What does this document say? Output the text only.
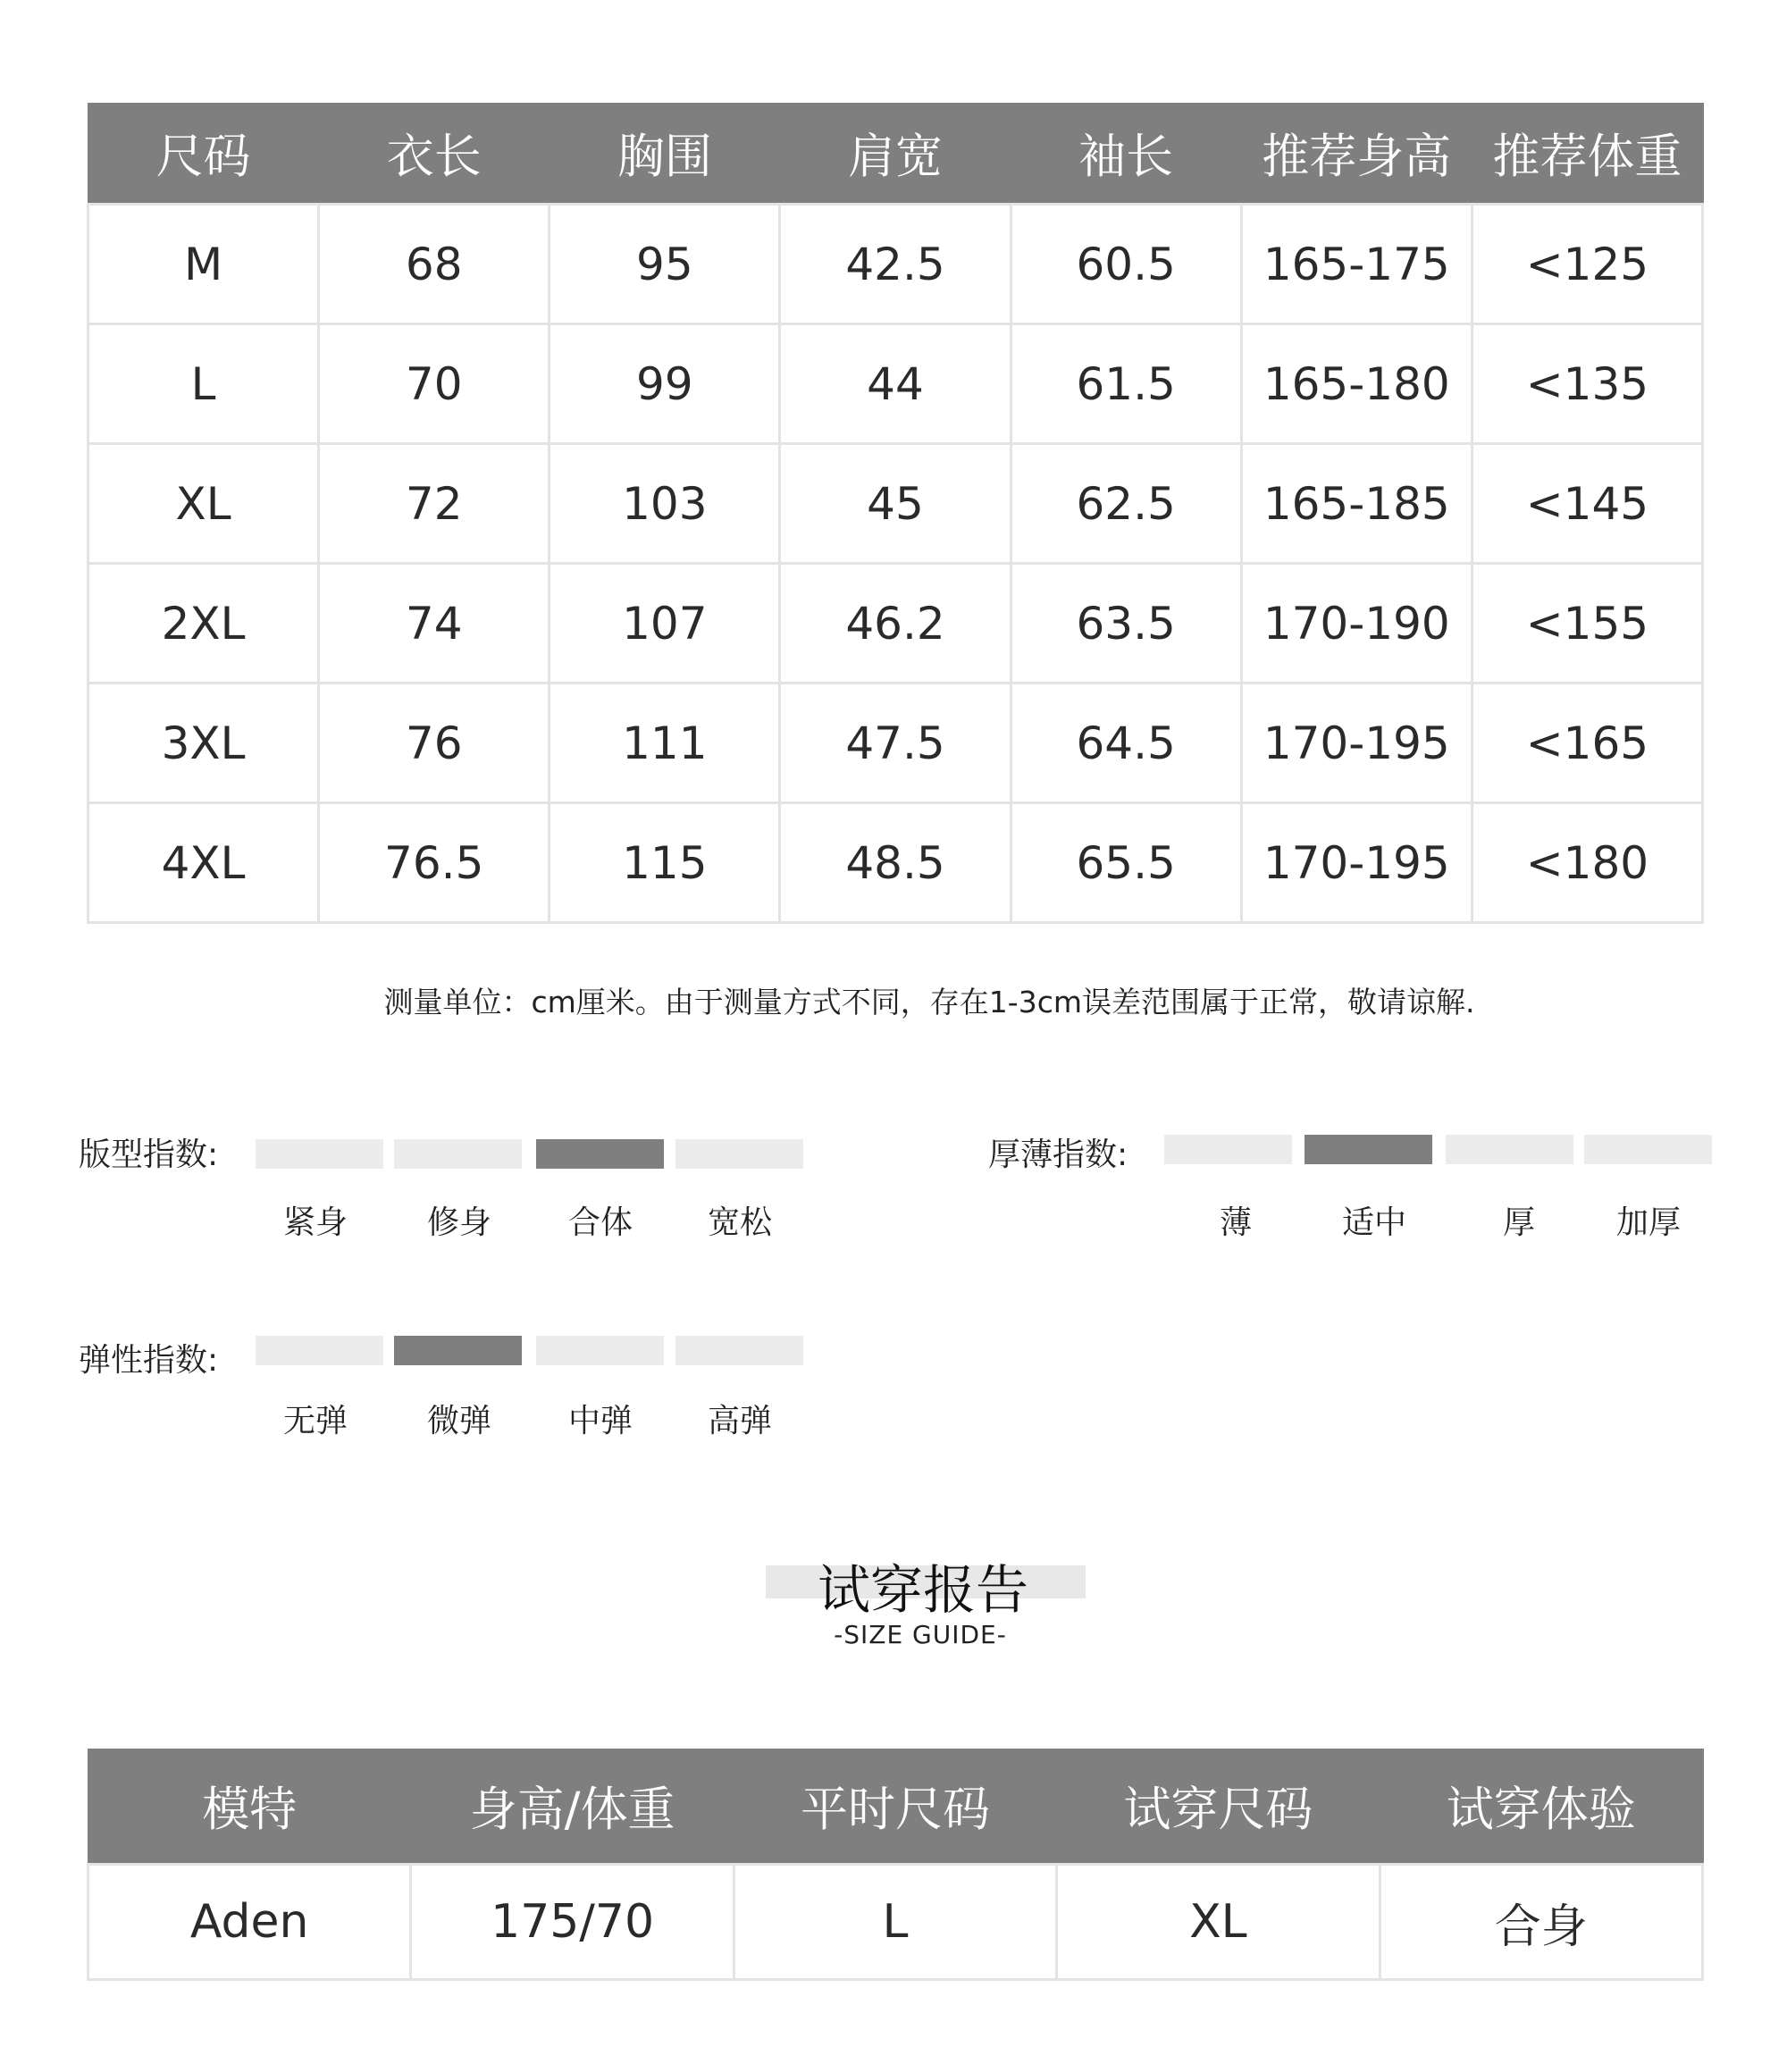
尺码	衣长	胸围	肩宽	袖长	推荐身高	推荐体重
M	68	95	42.5	60.5	165-175	<125
L	70	99	44	61.5	165-180	<135
XL	72	103	45	62.5	165-185	<145
2XL	74	107	46.2	63.5	170-190	<155
3XL	76	111	47.5	64.5	170-195	<165
4XL	76.5	115	48.5	65.5	170-195	<180
测量单位：cm厘米。由于测量方式不同，存在1-3cm误差范围属于正常，敬请谅解.
版型指数:
紧身	修身	合体	宽松
厚薄指数:
薄	适中	厚	加厚
弹性指数:
无弹	微弹	中弹	高弹
试穿报告
-SIZE GUIDE-
模特	身高/体重	平时尺码	试穿尺码	试穿体验
Aden	175/70	L	XL	合身
